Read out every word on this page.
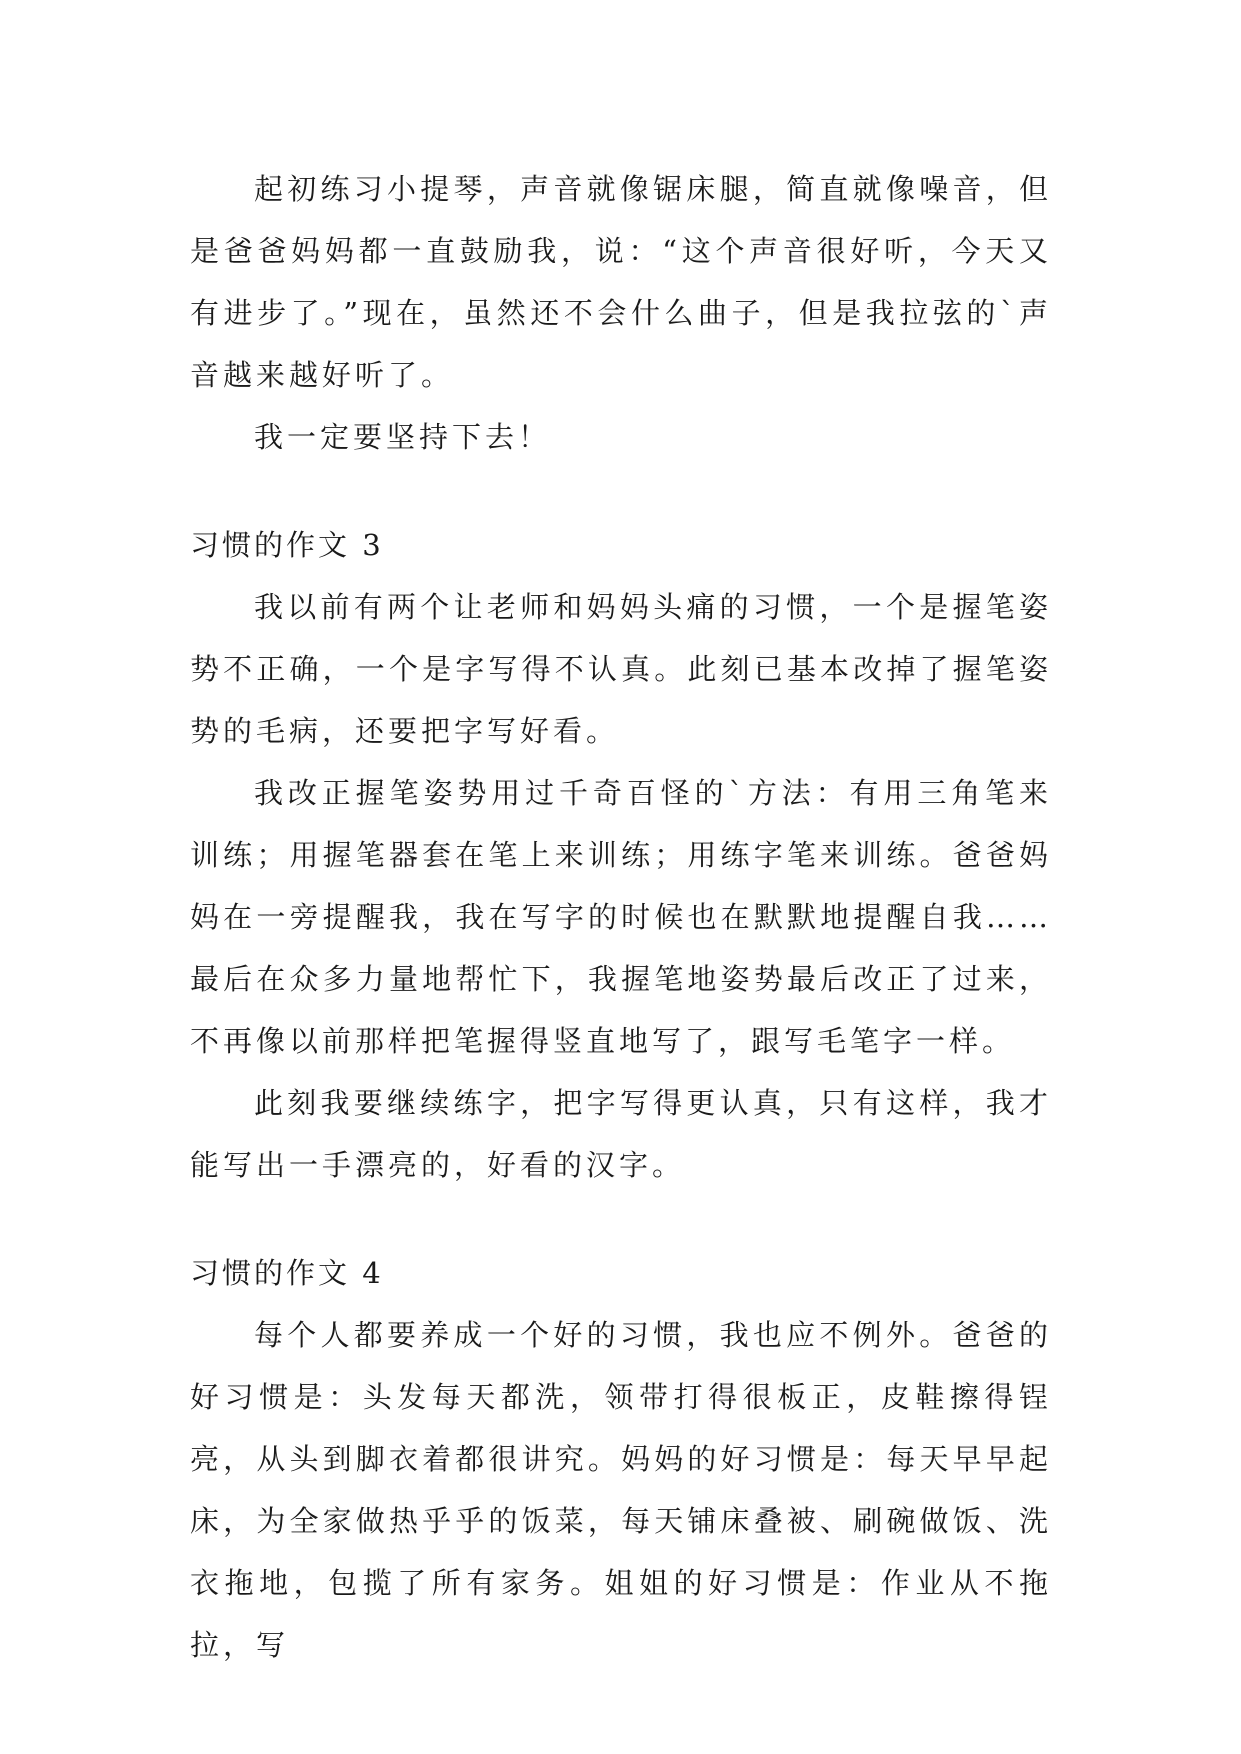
起初练习小提琴，声音就像锯床腿，简直就像噪音，但是爸爸妈妈都一直鼓励我，说：“这个声音很好听，今天又有进步了。”现在，虽然还不会什么曲子，但是我拉弦的`声音越来越好听了。

我一定要坚持下去！

习惯的作文 3

我以前有两个让老师和妈妈头痛的习惯，一个是握笔姿势不正确，一个是字写得不认真。此刻已基本改掉了握笔姿势的毛病，还要把字写好看。

我改正握笔姿势用过千奇百怪的`方法：有用三角笔来训练；用握笔器套在笔上来训练；用练字笔来训练。爸爸妈妈在一旁提醒我，我在写字的时候也在默默地提醒自我……最后在众多力量地帮忙下，我握笔地姿势最后改正了过来，不再像以前那样把笔握得竖直地写了，跟写毛笔字一样。

此刻我要继续练字，把字写得更认真，只有这样，我才能写出一手漂亮的，好看的汉字。

习惯的作文 4

每个人都要养成一个好的习惯，我也应不例外。爸爸的好习惯是：头发每天都洗，领带打得很板正，皮鞋擦得锃亮，从头到脚衣着都很讲究。妈妈的好习惯是：每天早早起床，为全家做热乎乎的饭菜，每天铺床叠被、刷碗做饭、洗衣拖地，包揽了所有家务。姐姐的好习惯是：作业从不拖拉，写
